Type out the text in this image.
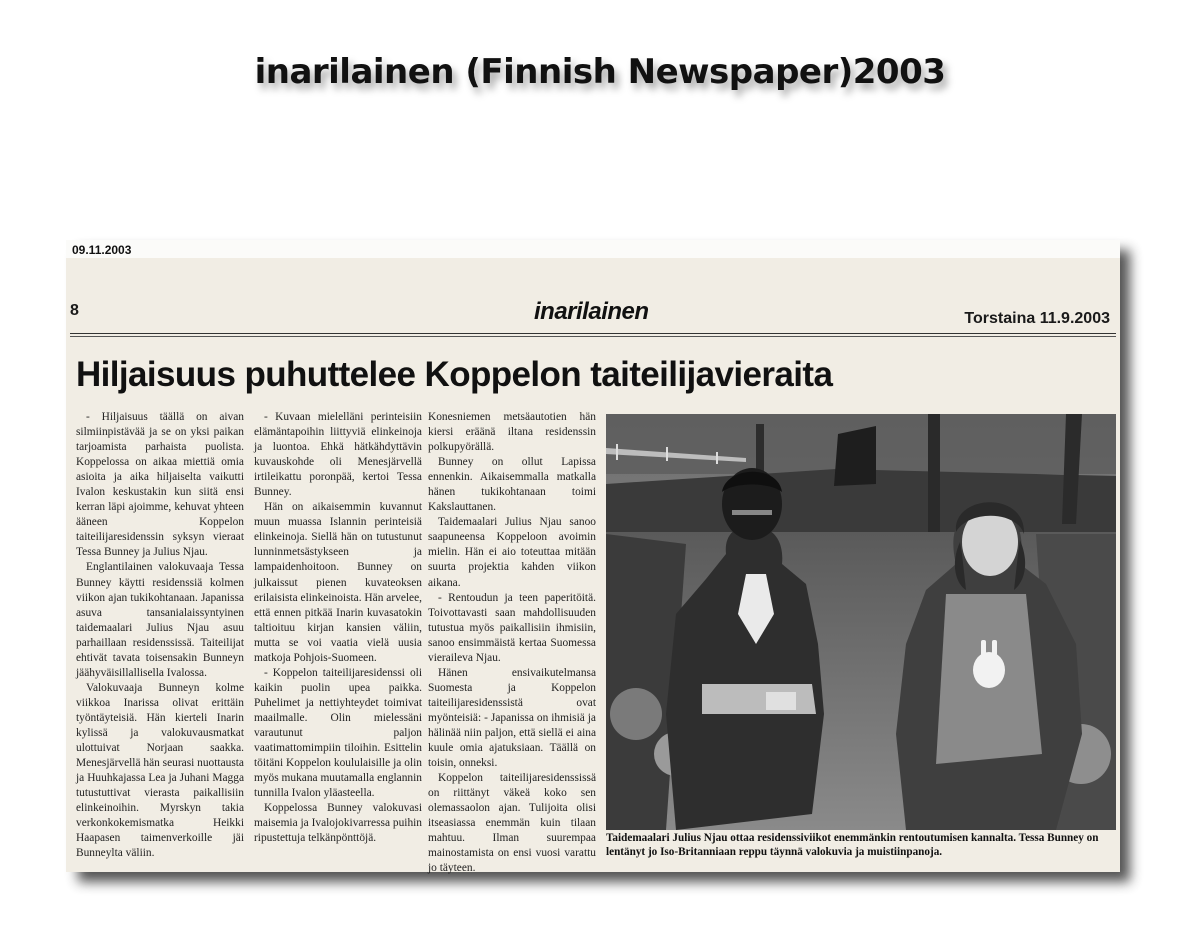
inarilainen (Finnish Newspaper)2003
09.11.2003
8	inarilainen	Torstaina 11.9.2003
Hiljaisuus puhuttelee Koppelon taiteilijavieraita

- Hiljaisuus täällä on aivan silmiinpistävää ja se on yksi paikan tarjoamista parhaista puolista. Koppelossa on aikaa miettiä omia asioita ja aika hiljaiselta vaikutti Ivalon keskustakin kun siitä ensi kerran läpi ajoimme, kehuvat yhteen ääneen Koppelon taiteilijaresidenssin syksyn vieraat Tessa Bunney ja Julius Njau.

Englantilainen valokuvaaja Tessa Bunney käytti residenssiä kolmen viikon ajan tukikohtanaan. Japanissa asuva tansanialaissyntyinen taidemaalari Julius Njau asuu parhaillaan residenssissä. Taiteilijat ehtivät tavata toisensakin Bunneyn jäähyväisillallisella Ivalossa.

Valokuvaaja Bunneyn kolme viikkoa Inarissa olivat erittäin työntäyteisiä. Hän kierteli Inarin kylissä ja valokuvausmatkat ulottuivat Norjaan saakka. Menesjärvellä hän seurasi nuottausta ja Huuhkajassa Lea ja Juhani Magga tutustuttivat vierasta paikallisiin elinkeinoihin. Myrskyn takia verkonkokemismatka Heikki Haapasen taimenverkoille jäi Bunneylta väliin.

- Kuvaan mielelläni perinteisiin elämäntapoihin liittyviä elinkeinoja ja luontoa. Ehkä hätkähdyttävin kuvauskohde oli Menesjärvellä irtileikattu poronpää, kertoi Tessa Bunney.

Hän on aikaisemmin kuvannut muun muassa Islannin perinteisiä elinkeinoja. Siellä hän on tutustunut lunninmetsästykseen ja lampaidenhoitoon. Bunney on julkaissut pienen kuvateoksen erilaisista elinkeinoista. Hän arvelee, että ennen pitkää Inarin kuvasatokin taltioituu kirjan kansien väliin, mutta se voi vaatia vielä uusia matkoja Pohjois-Suomeen.

- Koppelon taiteilijaresidenssi oli kaikin puolin upea paikka. Puhelimet ja nettiyhteydet toimivat maailmalle. Olin mielessäni varautunut paljon vaatimattomimpiin tiloihin. Esittelin töitäni Koppelon koululaisille ja olin myös mukana muutamalla englannin tunnilla Ivalon yläasteella.

Koppelossa Bunney valokuvasi maisemia ja Ivalojokivarressa puihin ripustettuja telkänpönttöjä.

Konesniemen metsäautotien hän kiersi eräänä iltana residenssin polkupyörällä.

Bunney on ollut Lapissa ennenkin. Aikaisemmalla matkalla hänen tukikohtanaan toimi Kakslauttanen.

Taidemaalari Julius Njau sanoo saapuneensa Koppeloon avoimin mielin. Hän ei aio toteuttaa mitään suurta projektia kahden viikon aikana.

- Rentoudun ja teen paperitöitä. Toivottavasti saan mahdollisuuden tutustua myös paikallisiin ihmisiin, sanoo ensimmäistä kertaa Suomessa vieraileva Njau.

Hänen ensivaikutelmansa Suomesta ja Koppelon taiteilijaresidenssistä ovat myönteisiä: - Japanissa on ihmisiä ja hälinää niin paljon, että siellä ei aina kuule omia ajatuksiaan. Täällä on toisin, onneksi.

Koppelon taiteilijaresidenssissä on riittänyt väkeä koko sen olemassaolon ajan. Tulijoita olisi itseasiassa enemmän kuin tilaan mahtuu. Ilman suurempaa mainostamista on ensi vuosi varattu jo täyteen.

Taidemaalari Julius Njau ottaa residenssiviikot enemmänkin rentoutumisen kannalta. Tessa Bunney on lentänyt jo Iso-Britanniaan reppu täynnä valokuvia ja muistiinpanoja.
